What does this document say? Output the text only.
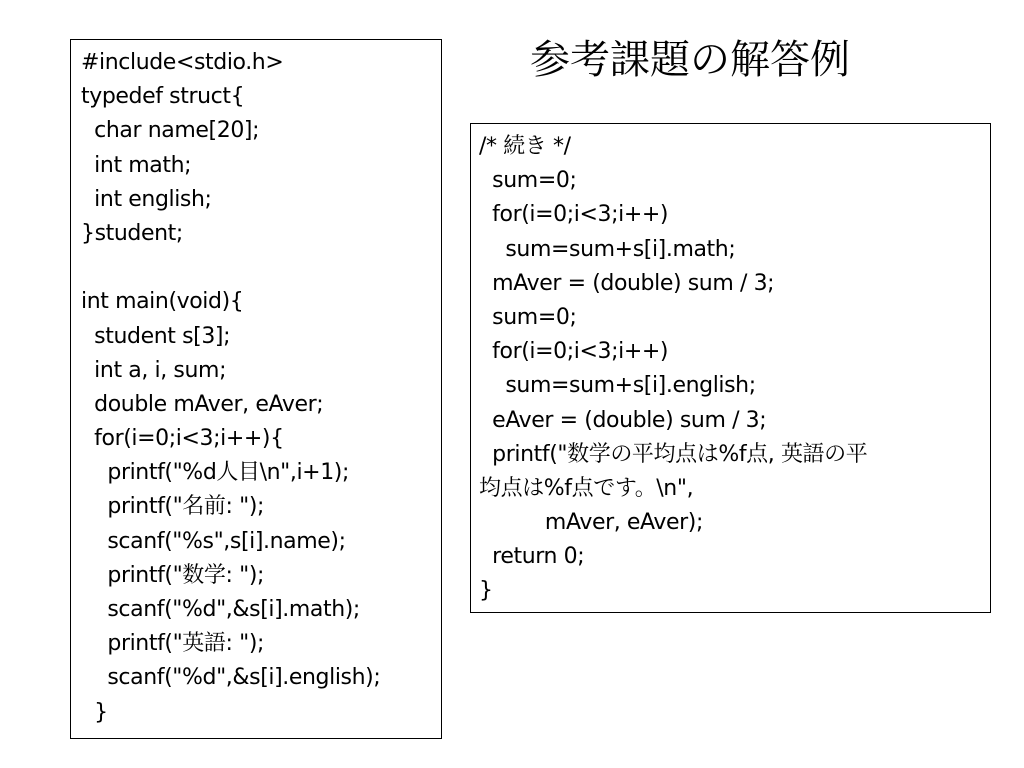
参考課題の解答例
#include<stdio.h>
typedef struct{
char name[20];
int math;
int english;
}student;
int main(void){
student s[3];
int a, i, sum;
double mAver, eAver;
for(i=0;i<3;i++){
printf("%d人目\n",i+1);
printf("名前: ");
scanf("%s",s[i].name);
printf("数学: ");
scanf("%d",&s[i].math);
printf("英語: ");
scanf("%d",&s[i].english);
}
/* 続き */
sum=0;
for(i=0;i<3;i++)
sum=sum+s[i].math;
mAver = (double) sum / 3;
sum=0;
for(i=0;i<3;i++)
sum=sum+s[i].english;
eAver = (double) sum / 3;
printf("数学の平均点は%f点, 英語の平
均点は%f点です。\n",
mAver, eAver);
return 0;
}
